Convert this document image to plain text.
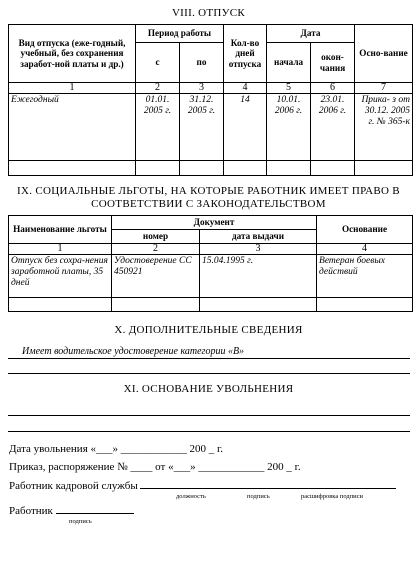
VIII. ОТПУСК
Вид отпуска (еже-годный, учебный, без сохранения заработ-ной платы и др.)	Период работы		Кол-во дней отпуска	Дата		Осно-вание
	с	по		начала	окон-чания	
1	2	3	4	5	6	7
Ежегодный	01.01. 2005 г.	31.12. 2005 г.	14	10.01. 2006 г.	23.01. 2006 г.	Прика- з от 30.12. 2005 г. № 365-к

IX. СОЦИАЛЬНЫЕ ЛЬГОТЫ, НА КОТОРЫЕ РАБОТНИК ИМЕЕТ ПРАВО В СООТВЕТСТВИИ С ЗАКОНОДАТЕЛЬСТВОМ
Наименование льготы	Документ		Основание
	номер	дата выдачи	
1	2	3	4
Отпуск без сохра-нения заработной платы, 35 дней	Удостоверение СС 450921	15.04.1995 г.	Ветеран боевых действий

X. ДОПОЛНИТЕЛЬНЫЕ СВЕДЕНИЯ
Имеет водительское удостоверение категории «В»
XI. ОСНОВАНИЕ УВОЛЬНЕНИЯ
Дата увольнения «___» ____________ 200 _ г.
Приказ, распоряжение № ____ от «___» ____________ 200 _ г.
Работник кадровой службы
должность	подпись	расшифровка подписи
Работник
подпись
